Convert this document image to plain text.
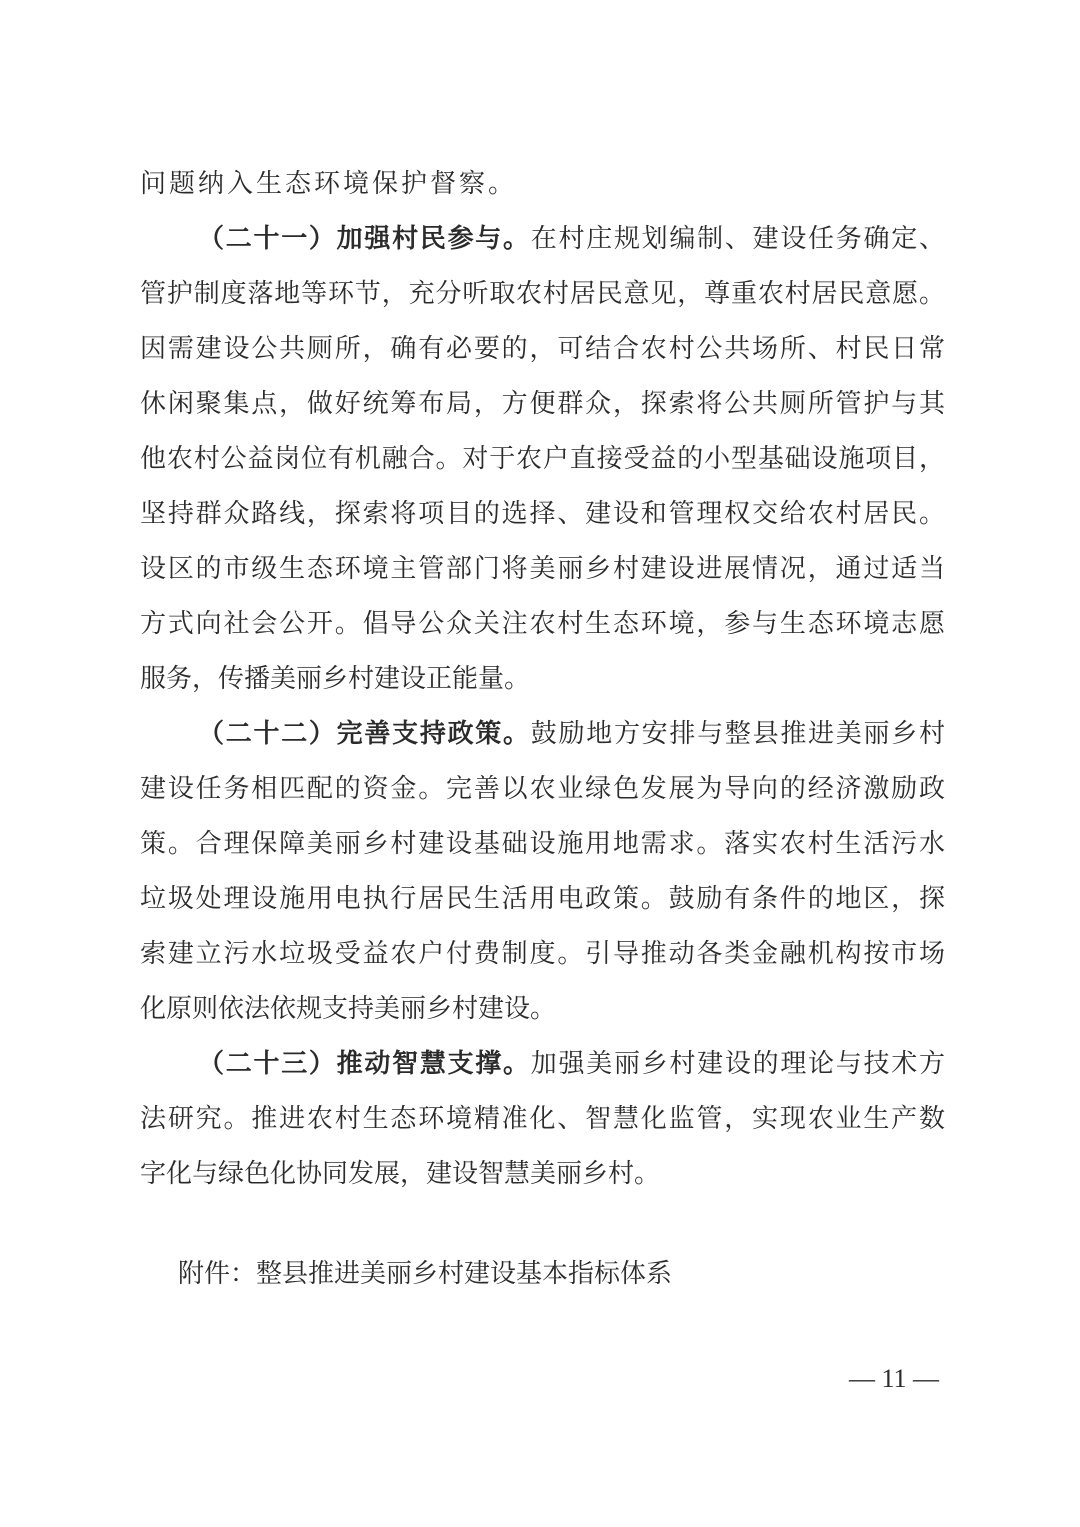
问题纳入生态环境保护督察。
（二十一）加强村民参与。在村庄规划编制、建设任务确定、
管护制度落地等环节，充分听取农村居民意见，尊重农村居民意愿。
因需建设公共厕所，确有必要的，可结合农村公共场所、村民日常
休闲聚集点，做好统筹布局，方便群众，探索将公共厕所管护与其
他农村公益岗位有机融合。对于农户直接受益的小型基础设施项目，
坚持群众路线，探索将项目的选择、建设和管理权交给农村居民。
设区的市级生态环境主管部门将美丽乡村建设进展情况，通过适当
方式向社会公开。倡导公众关注农村生态环境，参与生态环境志愿
服务，传播美丽乡村建设正能量。
（二十二）完善支持政策。鼓励地方安排与整县推进美丽乡村
建设任务相匹配的资金。完善以农业绿色发展为导向的经济激励政
策。合理保障美丽乡村建设基础设施用地需求。落实农村生活污水
垃圾处理设施用电执行居民生活用电政策。鼓励有条件的地区，探
索建立污水垃圾受益农户付费制度。引导推动各类金融机构按市场
化原则依法依规支持美丽乡村建设。
（二十三）推动智慧支撑。加强美丽乡村建设的理论与技术方
法研究。推进农村生态环境精准化、智慧化监管，实现农业生产数
字化与绿色化协同发展，建设智慧美丽乡村。
附件：整县推进美丽乡村建设基本指标体系
— 11 —
